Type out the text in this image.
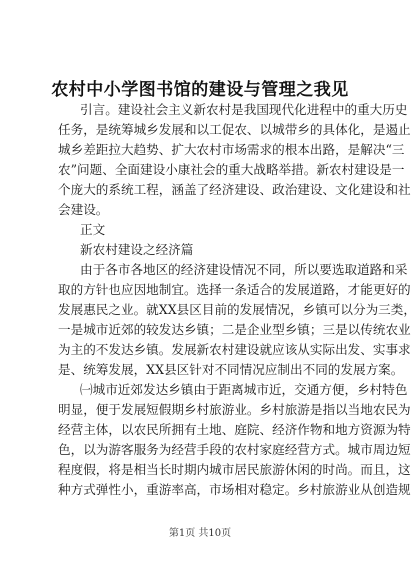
农村中小学图书馆的建设与管理之我见
引言。建设社会主义新农村是我国现代化进程中的重大历史
任务，是统筹城乡发展和以工促农、以城带乡的具体化，是遏止
城乡差距拉大趋势、扩大农村市场需求的根本出路，是解决“三
农”问题、全面建设小康社会的重大战略举措。新农村建设是一
个庞大的系统工程，涵盖了经济建设、政治建设、文化建设和社
会建设。
正文
新农村建设之经济篇
由于各市各地区的经济建设情况不同，所以要选取道路和采
取的方针也应因地制宜。选择一条适合的发展道路，才能更好的
发展惠民之业。就XX县区目前的发展情况，乡镇可以分为三类，
一是城市近郊的较发达乡镇；二是企业型乡镇；三是以传统农业
为主的不发达乡镇。发展新农村建设就应该从实际出发、实事求
是、统筹发展，XX县区针对不同情况应制出不同的发展方案。
㈠城市近郊发达乡镇由于距离城市近，交通方便，乡村特色
明显，便于发展短假期乡村旅游业。乡村旅游是指以当地农民为
经营主体，以农民所拥有土地、庭院、经济作物和地方资源为特
色，以为游客服务为经营手段的农村家庭经营方式。城市周边短
程度假，将是相当长时期内城市居民旅游休闲的时尚。而且，这
种方式弹性小，重游率高，市场相对稳定。乡村旅游业从创造规
第1页 共10页
